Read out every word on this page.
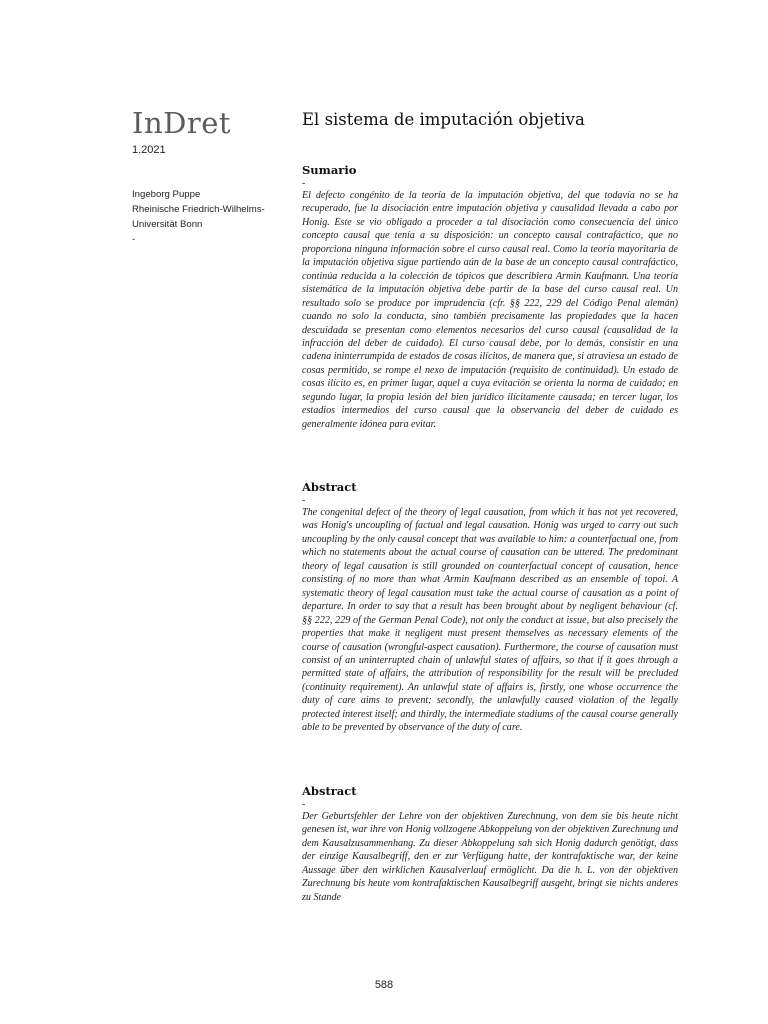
InDret
1.2021
Ingeborg Puppe
Rheinische Friedrich-Wilhelms-
Universität Bonn
-
El sistema de imputación objetiva
Sumario
-

El defecto congénito de la teoría de la imputación objetiva, del que todavía no se ha recuperado, fue la disociación entre imputación objetiva y causalidad llevada a cabo por Honig. Este se vio obligado a proceder a tal disociación como consecuencia del único concepto causal que tenía a su disposición: un concepto causal contrafáctico, que no proporciona ninguna información sobre el curso causal real. Como la teoría mayoritaria de la imputación objetiva sigue partiendo aún de la base de un concepto causal contrafáctico, continúa reducida a la colección de tópicos que describiera Armin Kaufmann. Una teoría sistemática de la imputación objetiva debe partir de la base del curso causal real. Un resultado solo se produce por imprudencia (cfr. §§ 222, 229 del Código Penal alemán) cuando no solo la conducta, sino también precisamente las propiedades que la hacen descuidada se presentan como elementos necesarios del curso causal (causalidad de la infracción del deber de cuidado). El curso causal debe, por lo demás, consistir en una cadena ininterrumpida de estados de cosas ilícitos, de manera que, si atraviesa un estado de cosas permitido, se rompe el nexo de imputación (requisito de continuidad). Un estado de cosas ilícito es, en primer lugar, aquel a cuya evitación se orienta la norma de cuidado; en segundo lugar, la propia lesión del bien jurídico ilícitamente causada; en tercer lugar, los estadios intermedios del curso causal que la observancia del deber de cuidado es generalmente idónea para evitar.

Abstract
-

The congenital defect of the theory of legal causation, from which it has not yet recovered, was Honig's uncoupling of factual and legal causation. Honig was urged to carry out such uncoupling by the only causal concept that was available to him: a counterfactual one, from which no statements about the actual course of causation can be uttered. The predominant theory of legal causation is still grounded on counterfactual concept of causation, hence consisting of no more than what Armin Kaufmann described as an ensemble of topoi. A systematic theory of legal causation must take the actual course of causation as a point of departure. In order to say that a result has been brought about by negligent behaviour (cf. §§ 222, 229 of the German Penal Code), not only the conduct at issue, but also precisely the properties that make it negligent must present themselves as necessary elements of the course of causation (wrongful-aspect causation). Furthermore, the course of causation must consist of an uninterrupted chain of unlawful states of affairs, so that if it goes through a permitted state of affairs, the attribution of responsibility for the result will be precluded (continuity requirement). An unlawful state of affairs is, firstly, one whose occurrence the duty of care aims to prevent; secondly, the unlawfully caused violation of the legally protected interest itself; and thirdly, the intermediate stadiums of the causal course generally able to be prevented by observance of the duty of care.

Abstract
-

Der Geburtsfehler der Lehre von der objektiven Zurechnung, von dem sie bis heute nicht genesen ist, war ihre von Honig vollzogene Abkoppelung von der objektiven Zurechnung und dem Kausalzusammenhang. Zu dieser Abkoppelung sah sich Honig dadurch genötigt, dass der einzige Kausalbegriff, den er zur Verfügung hatte, der kontrafaktische war, der keine Aussage über den wirklichen Kausalverlauf ermöglicht. Da die h. L. von der objektiven Zurechnung bis heute vom kontrafaktischen Kausalbegriff ausgeht, bringt sie nichts anderes zu Stande

588
